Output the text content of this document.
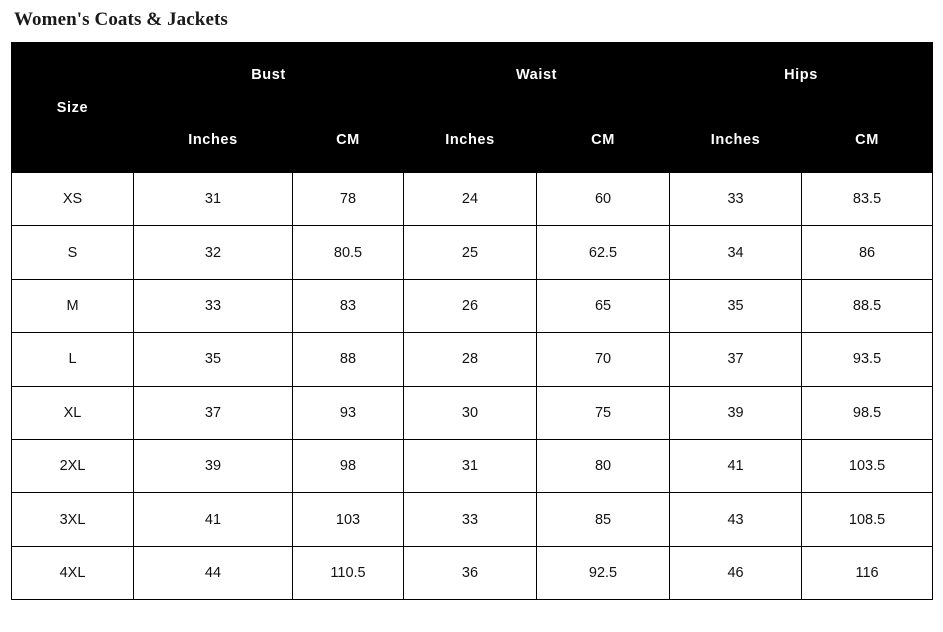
Women's Coats & Jackets
Size	Bust		Waist		Hips	
	Inches	CM	Inches	CM	Inches	CM
XS	31	78	24	60	33	83.5
S	32	80.5	25	62.5	34	86
M	33	83	26	65	35	88.5
L	35	88	28	70	37	93.5
XL	37	93	30	75	39	98.5
2XL	39	98	31	80	41	103.5
3XL	41	103	33	85	43	108.5
4XL	44	110.5	36	92.5	46	116
